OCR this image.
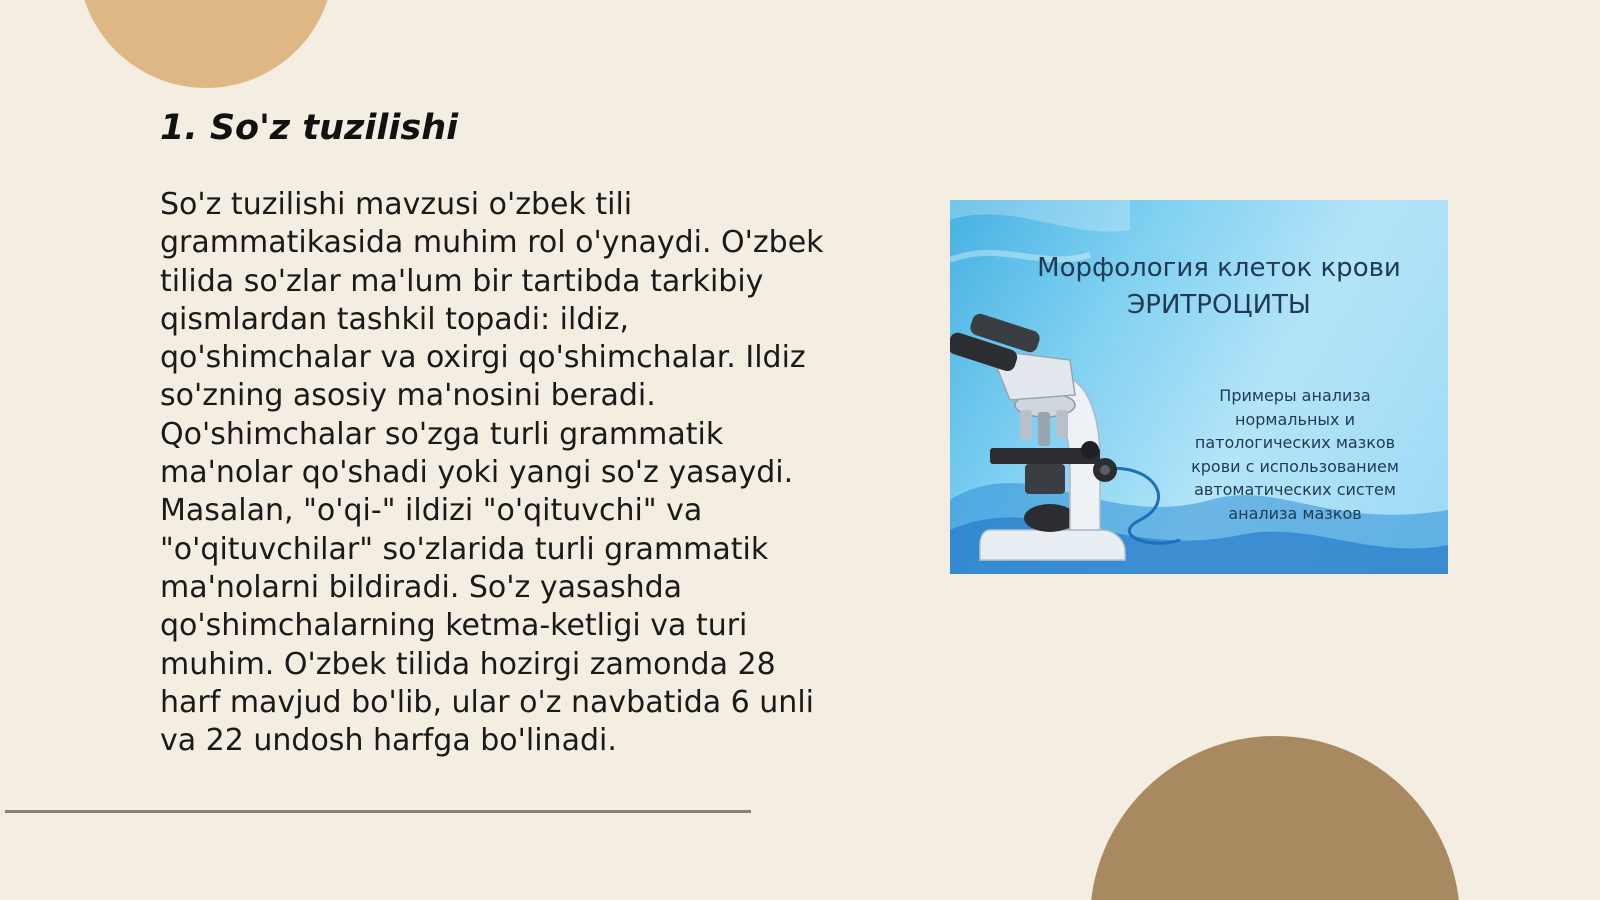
1. So'z tuzilishi

So'z tuzilishi mavzusi o'zbek tili grammatikasida muhim rol o'ynaydi. O'zbek tilida so'zlar ma'lum bir tartibda tarkibiy qismlardan tashkil topadi: ildiz, qo'shimchalar va oxirgi qo'shimchalar. Ildiz so'zning asosiy ma'nosini beradi. Qo'shimchalar so'zga turli grammatik ma'nolar qo'shadi yoki yangi so'z yasaydi. Masalan, "o'qi-" ildizi "o'qituvchi" va "o'qituvchilar" so'zlarida turli grammatik ma'nolarni bildiradi. So'z yasashda qo'shimchalarning ketma-ketligi va turi muhim. O'zbek tilida hozirgi zamonda 28 harf mavjud bo'lib, ular o'z navbatida 6 unli va 22 undosh harfga bo'linadi.

Морфология клеток крови
ЭРИТРОЦИТЫ
Примеры анализа
нормальных и
патологических мазков
крови с использованием
автоматических систем
анализа мазков
